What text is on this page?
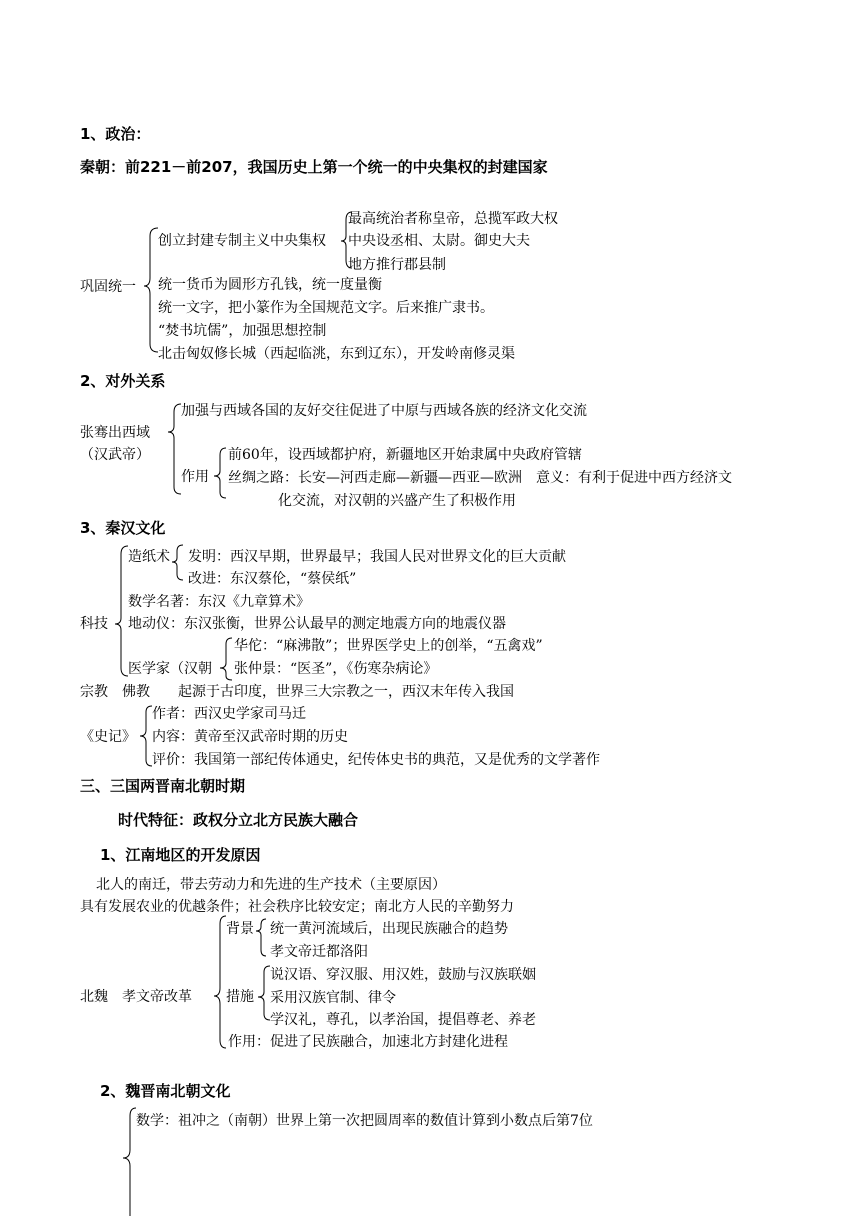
1、政治：
秦朝：前221－前207，我国历史上第一个统一的中央集权的封建国家
巩固统一
创立封建专制主义中央集权
最高统治者称皇帝，总揽军政大权
中央设丞相、太尉。御史大夫
地方推行郡县制
统一货币为圆形方孔钱，统一度量衡
统一文字，把小篆作为全国规范文字。后来推广隶书。
“焚书坑儒”，加强思想控制
北击匈奴修长城（西起临洮，东到辽东），开发岭南修灵渠
2、对外关系
张骞出西域
（汉武帝）
加强与西域各国的友好交往促进了中原与西域各族的经济文化交流
作用
前60年，设西域都护府，新疆地区开始隶属中央政府管辖
丝绸之路：长安—河西走廊—新疆—西亚—欧洲　意义：有利于促进中西方经济文
化交流，对汉朝的兴盛产生了积极作用
3、秦汉文化
科技
造纸术 发明：西汉早期，世界最早；我国人民对世界文化的巨大贡献
改进：东汉蔡伦，“蔡侯纸”
数学名著：东汉《九章算术》
地动仪：东汉张衡，世界公认最早的测定地震方向的地震仪器
医学家（汉朝
华佗：“麻沸散”；世界医学史上的创举，“五禽戏”
张仲景：“医圣”，《伤寒杂病论》
宗教　佛教　　起源于古印度，世界三大宗教之一，西汉末年传入我国
《史记》
作者：西汉史学家司马迁
内容：黄帝至汉武帝时期的历史
评价：我国第一部纪传体通史，纪传体史书的典范，又是优秀的文学著作
三、三国两晋南北朝时期
时代特征：政权分立北方民族大融合
1、江南地区的开发原因
北人的南迁，带去劳动力和先进的生产技术（主要原因）
具有发展农业的优越条件；社会秩序比较安定；南北方人民的辛勤努力
北魏　孝文帝改革
背景 统一黄河流域后，出现民族融合的趋势
孝文帝迁都洛阳
措施
说汉语、穿汉服、用汉姓，鼓励与汉族联姻
采用汉族官制、律令
学汉礼，尊孔，以孝治国，提倡尊老、养老
作用：促进了民族融合，加速北方封建化进程
2、魏晋南北朝文化
数学：祖冲之（南朝）世界上第一次把圆周率的数值计算到小数点后第7位
